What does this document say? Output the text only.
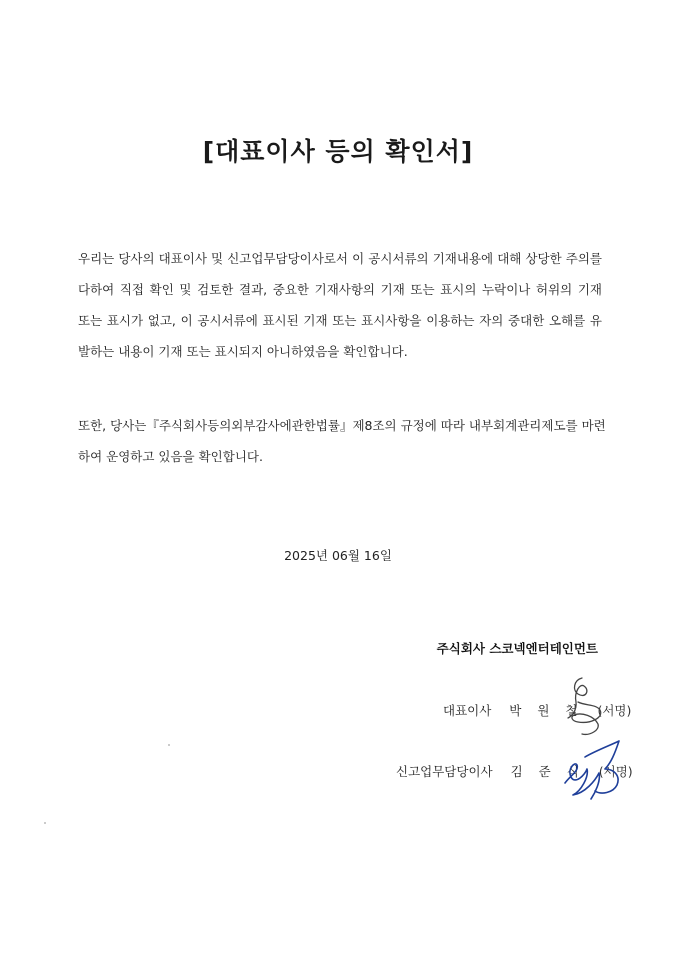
[대표이사 등의 확인서]
우리는 당사의 대표이사 및 신고업무담당이사로서 이 공시서류의 기재내용에 대해 상당한 주의를
다하여 직접 확인 및 검토한 결과, 중요한 기재사항의 기재 또는 표시의 누락이나 허위의 기재
또는 표시가 없고, 이 공시서류에 표시된 기재 또는 표시사항을 이용하는 자의 중대한 오해를 유
발하는 내용이 기재 또는 표시되지 아니하였음을 확인합니다.
또한, 당사는『주식회사등의외부감사에관한법률』제8조의 규정에 따라 내부회계관리제도를 마련
하여 운영하고 있음을 확인합니다.
2025년 06월 16일
주식회사 스코넥엔터테인먼트
대표이사 박 원 철 (서명)
신고업무담당이사 김 준 식 (서명)
